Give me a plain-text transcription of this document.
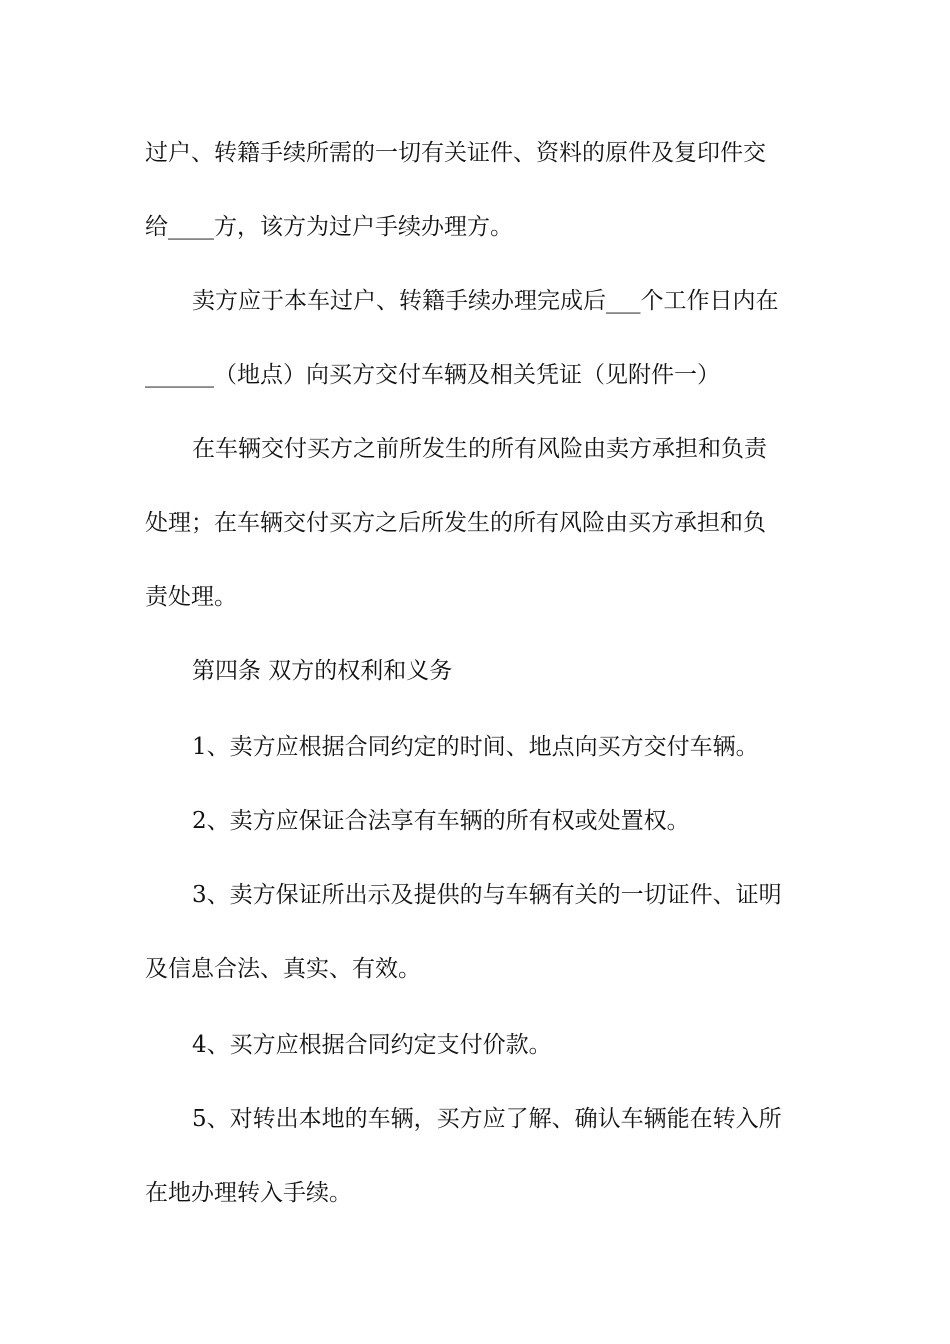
过户、转籍手续所需的一切有关证件、资料的原件及复印件交
给____方，该方为过户手续办理方。
卖方应于本车过户、转籍手续办理完成后___个工作日内在
______（地点）向买方交付车辆及相关凭证（见附件一）
在车辆交付买方之前所发生的所有风险由卖方承担和负责
处理；在车辆交付买方之后所发生的所有风险由买方承担和负
责处理。
第四条 双方的权利和义务
1、卖方应根据合同约定的时间、地点向买方交付车辆。
2、卖方应保证合法享有车辆的所有权或处置权。
3、卖方保证所出示及提供的与车辆有关的一切证件、证明
及信息合法、真实、有效。
4、买方应根据合同约定支付价款。
5、对转出本地的车辆，买方应了解、确认车辆能在转入所
在地办理转入手续。
